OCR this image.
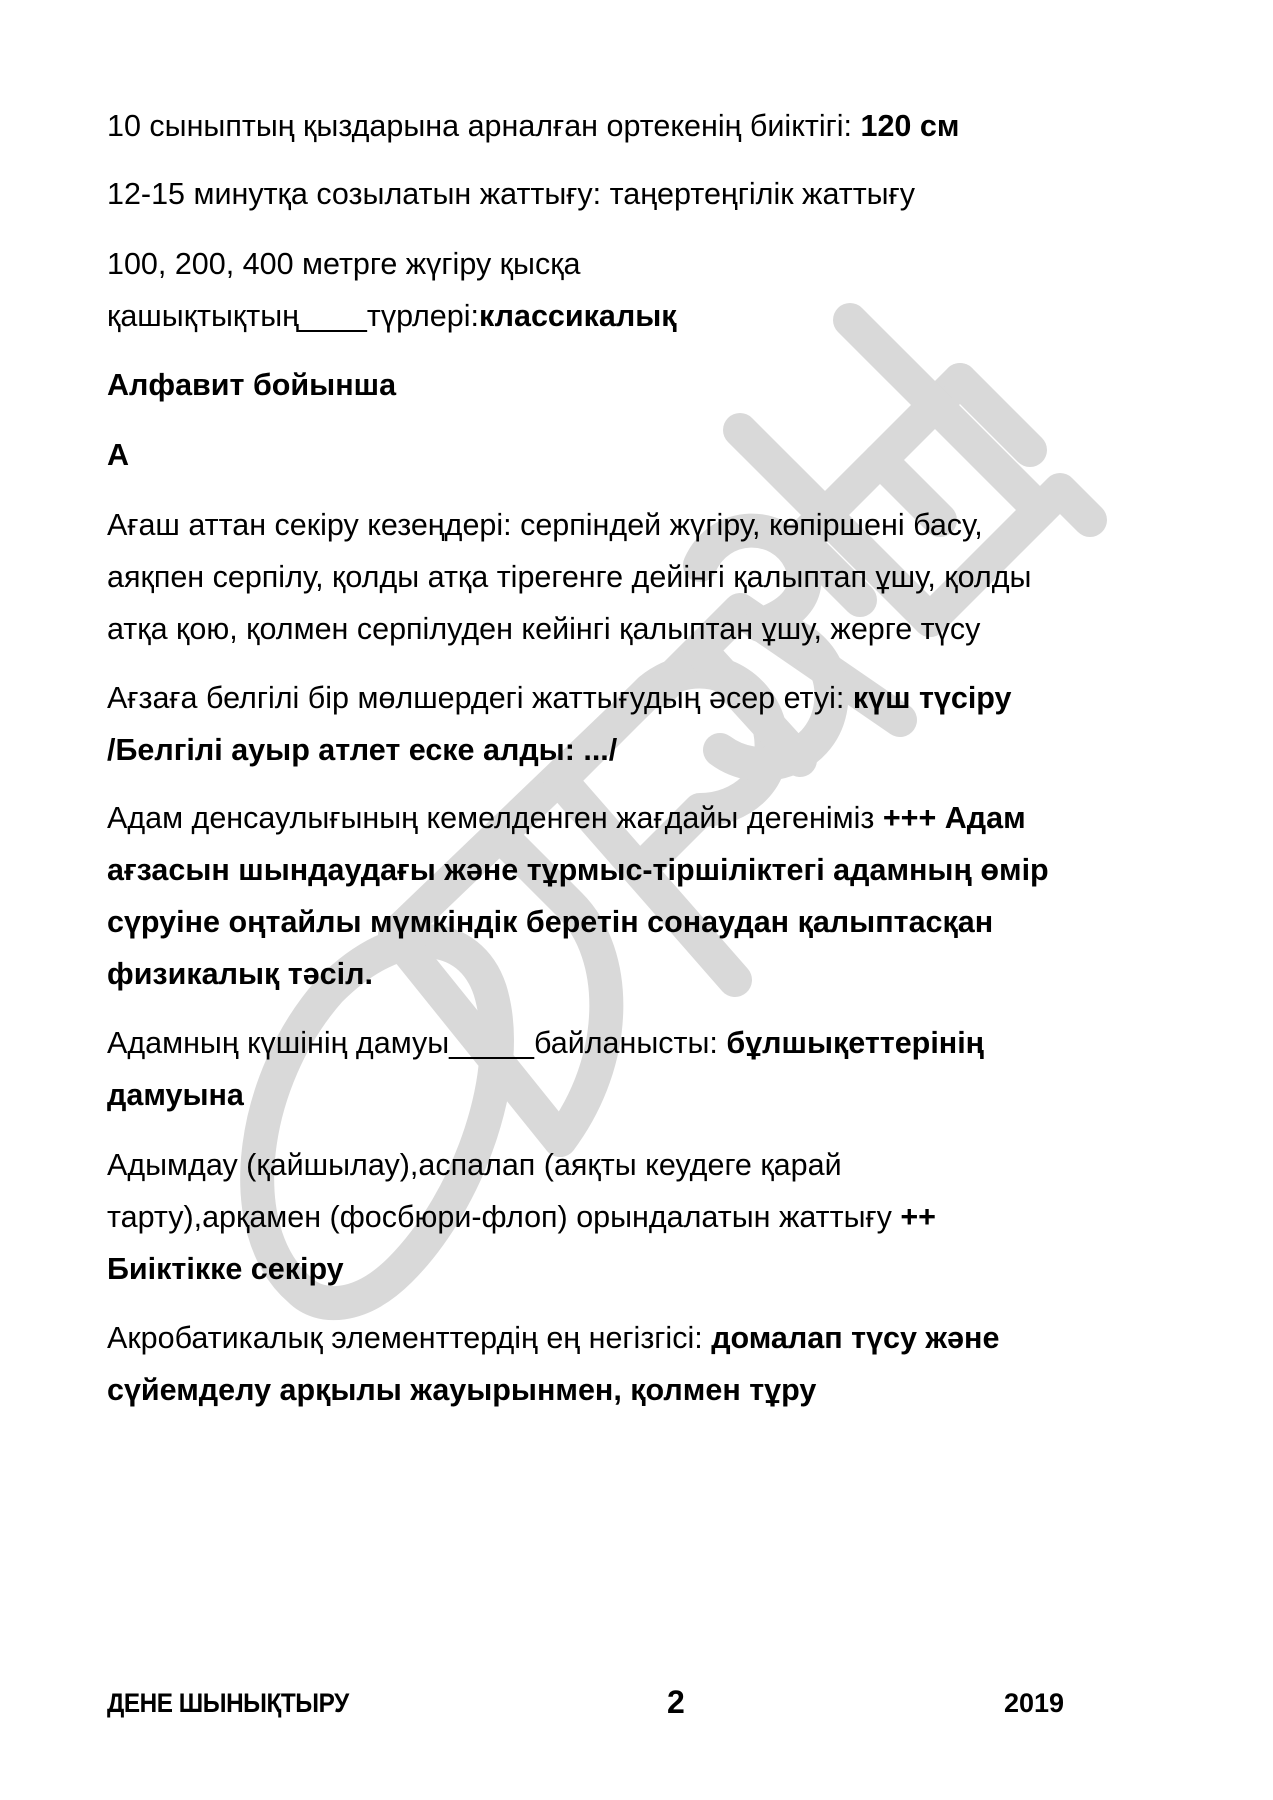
10 сыныптың қыздарына арналған ортекенің биіктігі: 120 см
12-15 минутқа созылатын жаттығу: таңертеңгілік жаттығу
100, 200, 400 метрге жүгіру қысқа
қашықтықтың____түрлері:классикалық
Алфавит бойынша
А
Ағаш аттан секіру кезеңдері: серпіндей жүгіру, көпіршені басу,
аяқпен серпілу, қолды атқа тірегенге дейінгі қалыптап ұшу, қолды
атқа қою, қолмен серпілуден кейінгі қалыптан ұшу, жерге түсу
Ағзаға белгілі бір мөлшердегі жаттығудың әсер етуі: күш түсіру
/Белгілі ауыр атлет еске алды: .../
Адам денсаулығының кемелденген жағдайы дегеніміз +++ Адам
ағзасын шындаудағы және тұрмыс-тіршіліктегі адамның өмір
сүруіне оңтайлы мүмкіндік беретін сонаудан қалыптасқан
физикалық тәсіл.
Адамның күшінің дамуы_____байланысты: бұлшықеттерінің
дамуына
Адымдау (қайшылау),аспалап (аяқты кеудеге қарай
тарту),арқамен (фосбюри-флоп) орындалатын жаттығу ++
Биіктікке секіру
Акробатикалық элементтердің ең негізгісі: домалап түсу және
сүйемделу арқылы жауырынмен, қолмен тұру
ДЕНЕ ШЫНЫҚТЫРУ	2	2019
